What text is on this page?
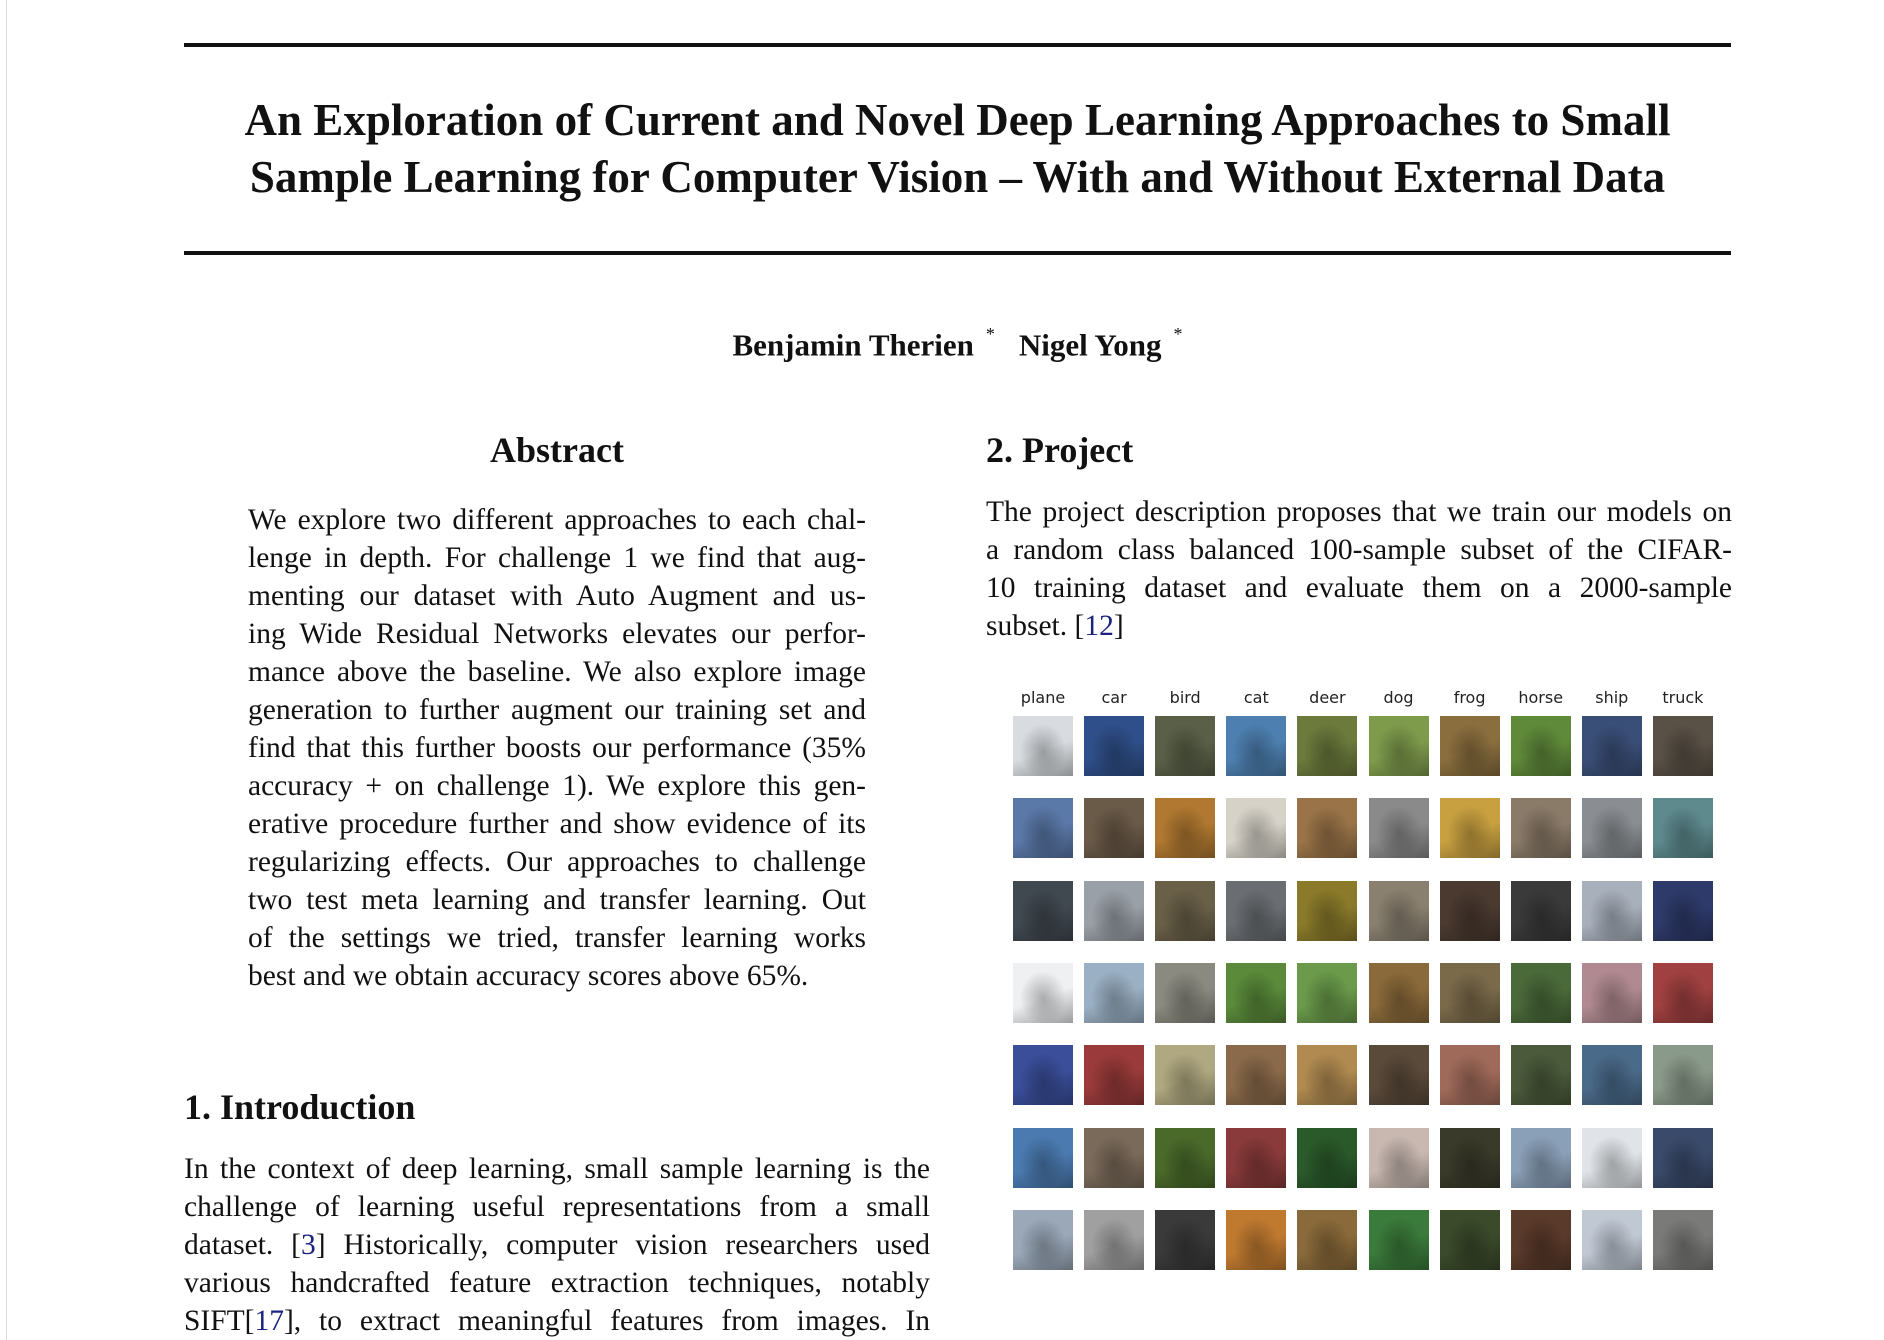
An Exploration of Current and Novel Deep Learning Approaches to Small
Sample Learning for Computer Vision – With and Without External Data
Benjamin Therien * Nigel Yong *
Abstract
We explore two different approaches to each chal-
lenge in depth. For challenge 1 we find that aug-
menting our dataset with Auto Augment and us-
ing Wide Residual Networks elevates our perfor-
mance above the baseline. We also explore image
generation to further augment our training set and
find that this further boosts our performance (35%
accuracy + on challenge 1). We explore this gen-
erative procedure further and show evidence of its
regularizing effects. Our approaches to challenge
two test meta learning and transfer learning. Out
of the settings we tried, transfer learning works
best and we obtain accuracy scores above 65%.
1. Introduction
In the context of deep learning, small sample learning is the
challenge of learning useful representations from a small
dataset. [3] Historically, computer vision researchers used
various handcrafted feature extraction techniques, notably
SIFT[17], to extract meaningful features from images. In
2. Project
The project description proposes that we train our models on
a random class balanced 100-sample subset of the CIFAR-
10 training dataset and evaluate them on a 2000-sample
subset. [12]
plane	car	bird	cat	deer	dog	frog	horse	ship	truck
